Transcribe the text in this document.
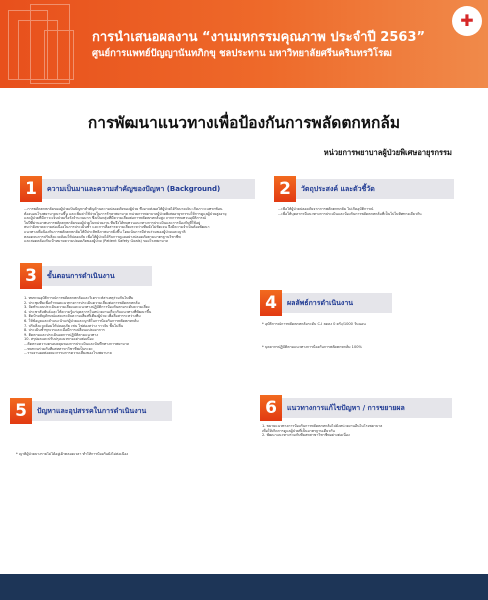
การนำเสนอผลงาน “งานมหกรรมคุณภาพ ประจำปี 2563”
ศูนย์การแพทย์ปัญญานันทภิกขุ ชลประทาน มหาวิทยาลัยศรีนครินทรวิโรฒ
✚
การพัฒนาแนวทางเพื่อป้องกันการพลัดตกหกล้ม
หน่วยการพยาบาลผู้ป่วยพิเศษอายุรกรรม
1	ความเป็นมาและความสำคัญของปัญหา (Background)

...การพลัดตกหกล้มของผู้ป่วยเป็นปัญหาสำคัญด้านความปลอดภัยของผู้ป่วย ซึ่งอาจส่งผลให้ผู้ป่วยได้รับบาดเจ็บ เกิดภาวะแทรกซ้อน

ต้องนอนโรงพยาบาลนานขึ้น และเพิ่มค่าใช้จ่ายในการรักษาพยาบาล หน่วยการพยาบาลผู้ป่วยพิเศษอายุรกรรมให้การดูแลผู้ป่วยสูงอายุ

และผู้ป่วยที่มีภาวะเจ็บป่วยเรื้อรังจำนวนมาก ซึ่งเป็นกลุ่มที่มีความเสี่ยงต่อการพลัดตกหกล้มสูง จากการทบทวนอุบัติการณ์

ในปีที่ผ่านมาพบการพลัดตกหกล้มของผู้ป่วยในหน่วยงาน ทีมจึงได้ทบทวนแนวทางการประเมินและการป้องกันที่ใช้อยู่

พบว่ายังขาดความต่อเนื่องในการประเมินซ้ำ และการสื่อสารความเสี่ยงระหว่างทีมยังไม่ชัดเจน จึงมีความจำเป็นต้องพัฒนา

แนวทางเพื่อป้องกันการพลัดตกหกล้มให้มีประสิทธิภาพมากยิ่งขึ้น โดยเน้นการมีส่วนร่วมของผู้ป่วยและญาติ

ตลอดจนการปรับสิ่งแวดล้อมให้ปลอดภัย เพื่อให้ผู้ป่วยได้รับการดูแลอย่างปลอดภัยตามมาตรฐานวิชาชีพ

และสอดคล้องกับเป้าหมายความปลอดภัยของผู้ป่วย (Patient Safety Goals) ของโรงพยาบาล

2	วัตถุประสงค์ และตัวชี้วัด

...เพื่อให้ผู้ป่วยปลอดภัยจากการพลัดตกหกล้ม ไม่เกิดอุบัติการณ์

...เพื่อให้บุคลากรมีแนวทางการประเมินและป้องกันการพลัดตกหกล้มที่เป็นไปในทิศทางเดียวกัน

3	ขั้นตอนการดำเนินงาน

1. ทบทวนอุบัติการณ์การพลัดตกหกล้มและวิเคราะห์สาเหตุร่วมกันในทีม

2. ประชุมทีมเพื่อกำหนดแนวทางการประเมินความเสี่ยงต่อการพลัดตกหกล้ม

3. จัดทำแบบประเมินความเสี่ยงและแนวทางปฏิบัติการป้องกันตามระดับความเสี่ยง

4. ประชาสัมพันธ์และให้ความรู้แก่บุคลากรในหน่วยงานเกี่ยวกับแนวทางที่พัฒนาขึ้น

5. ติดป้ายสัญลักษณ์แสดงระดับความเสี่ยงที่เตียงผู้ป่วย เพื่อสื่อสารระหว่างทีม

6. ให้ข้อมูลและคำแนะนำแก่ผู้ป่วยและญาติในการป้องกันการพลัดตกหกล้ม

7. ปรับสิ่งแวดล้อมให้ปลอดภัย เช่น ไฟส่องสว่าง ราวจับ พื้นไม่ลื่น

8. ประเมินซ้ำทุกเวรและเมื่อมีการเปลี่ยนแปลงอาการ

9. ติดตามและประเมินผลการปฏิบัติตามแนวทาง

10. สรุปผลและปรับปรุงแนวทางอย่างต่อเนื่อง

...ติดตามความครอบคลุมของการประเมินและบันทึกทางการพยาบาล

...ทบทวนร่วมกับทีมสหสาขาวิชาชีพเป็นระยะ

...รายงานผลต่อคณะกรรมการความเสี่ยงของโรงพยาบาล

4	ผลลัพธ์การดำเนินงาน

* อุบัติการณ์การพลัดตกหกล้มระดับ C-I ลดลง 0 ครั้ง/1000 วันนอน

* บุคลากรปฏิบัติตามแนวทางการป้องกันการพลัดตกหกล้ม 100%

5	ปัญหาและอุปสรรคในการดำเนินงาน

* ญาติผู้ป่วยบางรายไม่ได้อยู่เฝ้าตลอดเวลา ทำให้การป้องกันยังไม่ต่อเนื่อง

6	แนวทางการแก้ไขปัญหา / การขยายผล

1. ขยายแนวทางการป้องกันการพลัดตกหกล้มไปยังหน่วยงานอื่นในโรงพยาบาล

เพื่อให้เกิดการดูแลผู้ป่วยที่เป็นมาตรฐานเดียวกัน

2. พัฒนาแนวทางร่วมกับทีมสหสาขาวิชาชีพอย่างต่อเนื่อง
